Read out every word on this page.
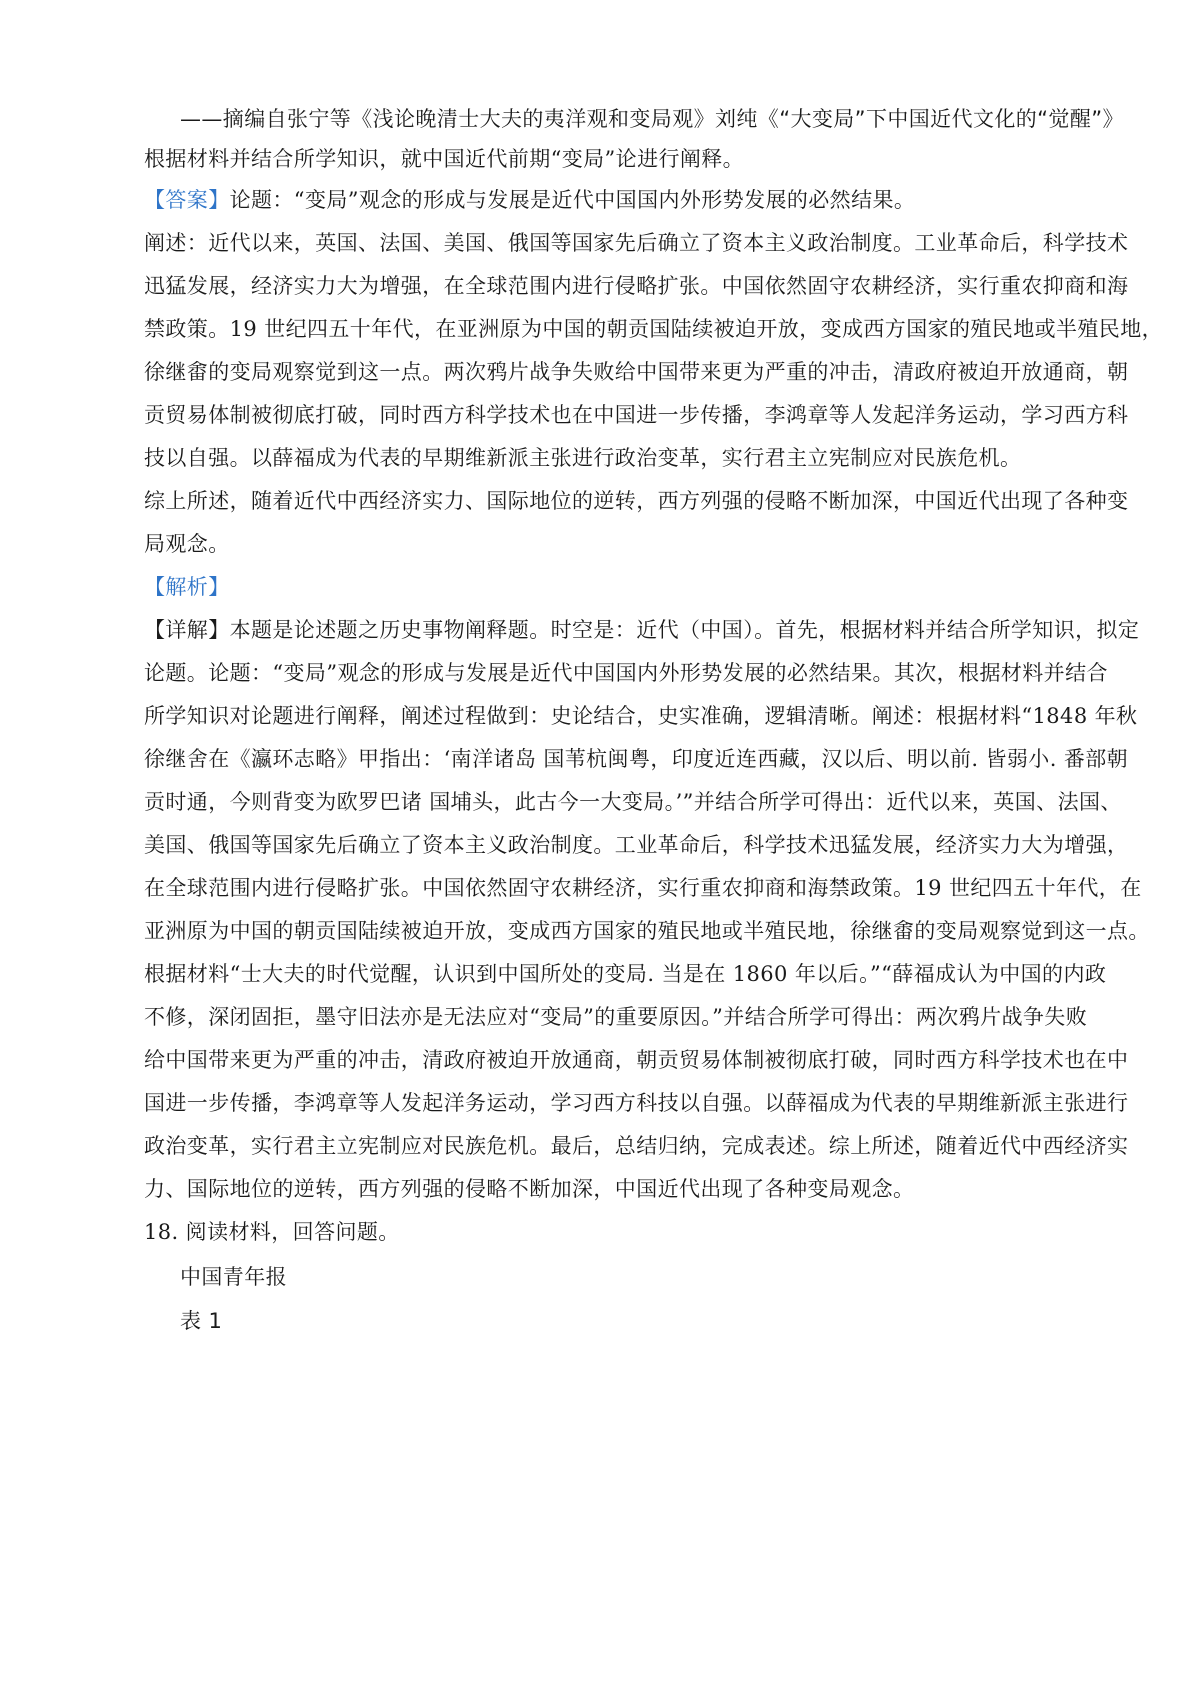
——摘编自张宁等《浅论晚清士大夫的夷洋观和变局观》刘纯《“大变局”下中国近代文化的“觉醒”》
根据材料并结合所学知识，就中国近代前期“变局”论进行阐释。
【答案】论题：“变局”观念的形成与发展是近代中国国内外形势发展的必然结果。
阐述：近代以来，英国、法国、美国、俄国等国家先后确立了资本主义政治制度。工业革命后，科学技术
迅猛发展，经济实力大为增强，在全球范围内进行侵略扩张。中国依然固守农耕经济，实行重农抑商和海
禁政策。19 世纪四五十年代，在亚洲原为中国的朝贡国陆续被迫开放，变成西方国家的殖民地或半殖民地，
徐继畬的变局观察觉到这一点。两次鸦片战争失败给中国带来更为严重的冲击，清政府被迫开放通商，朝
贡贸易体制被彻底打破，同时西方科学技术也在中国进一步传播，李鸿章等人发起洋务运动，学习西方科
技以自强。以薛福成为代表的早期维新派主张进行政治变革，实行君主立宪制应对民族危机。
综上所述，随着近代中西经济实力、国际地位的逆转，西方列强的侵略不断加深，中国近代出现了各种变
局观念。
【解析】
【详解】本题是论述题之历史事物阐释题。时空是：近代（中国）。首先，根据材料并结合所学知识，拟定
论题。论题：“变局”观念的形成与发展是近代中国国内外形势发展的必然结果。其次，根据材料并结合
所学知识对论题进行阐释，阐述过程做到：史论结合，史实准确，逻辑清晰。阐述：根据材料“1848 年秋
徐继舍在《瀛环志略》甲指出：‘南洋诸岛 国苇杭闽粤，印度近连西藏，汉以后、明以前. 皆弱小. 番部朝
贡时通，今则背变为欧罗巴诸 国埔头，此古今一大变局。’”并结合所学可得出：近代以来，英国、法国、
美国、俄国等国家先后确立了资本主义政治制度。工业革命后，科学技术迅猛发展，经济实力大为增强，
在全球范围内进行侵略扩张。中国依然固守农耕经济，实行重农抑商和海禁政策。19 世纪四五十年代，在
亚洲原为中国的朝贡国陆续被迫开放，变成西方国家的殖民地或半殖民地，徐继畬的变局观察觉到这一点。
根据材料“士大夫的时代觉醒，认识到中国所处的变局. 当是在 1860 年以后。”“薛福成认为中国的内政
不修，深闭固拒，墨守旧法亦是无法应对“变局”的重要原因。”并结合所学可得出：两次鸦片战争失败
给中国带来更为严重的冲击，清政府被迫开放通商，朝贡贸易体制被彻底打破，同时西方科学技术也在中
国进一步传播，李鸿章等人发起洋务运动，学习西方科技以自强。以薛福成为代表的早期维新派主张进行
政治变革，实行君主立宪制应对民族危机。最后，总结归纳，完成表述。综上所述，随着近代中西经济实
力、国际地位的逆转，西方列强的侵略不断加深，中国近代出现了各种变局观念。
18. 阅读材料，回答问题。
中国青年报
表 1
